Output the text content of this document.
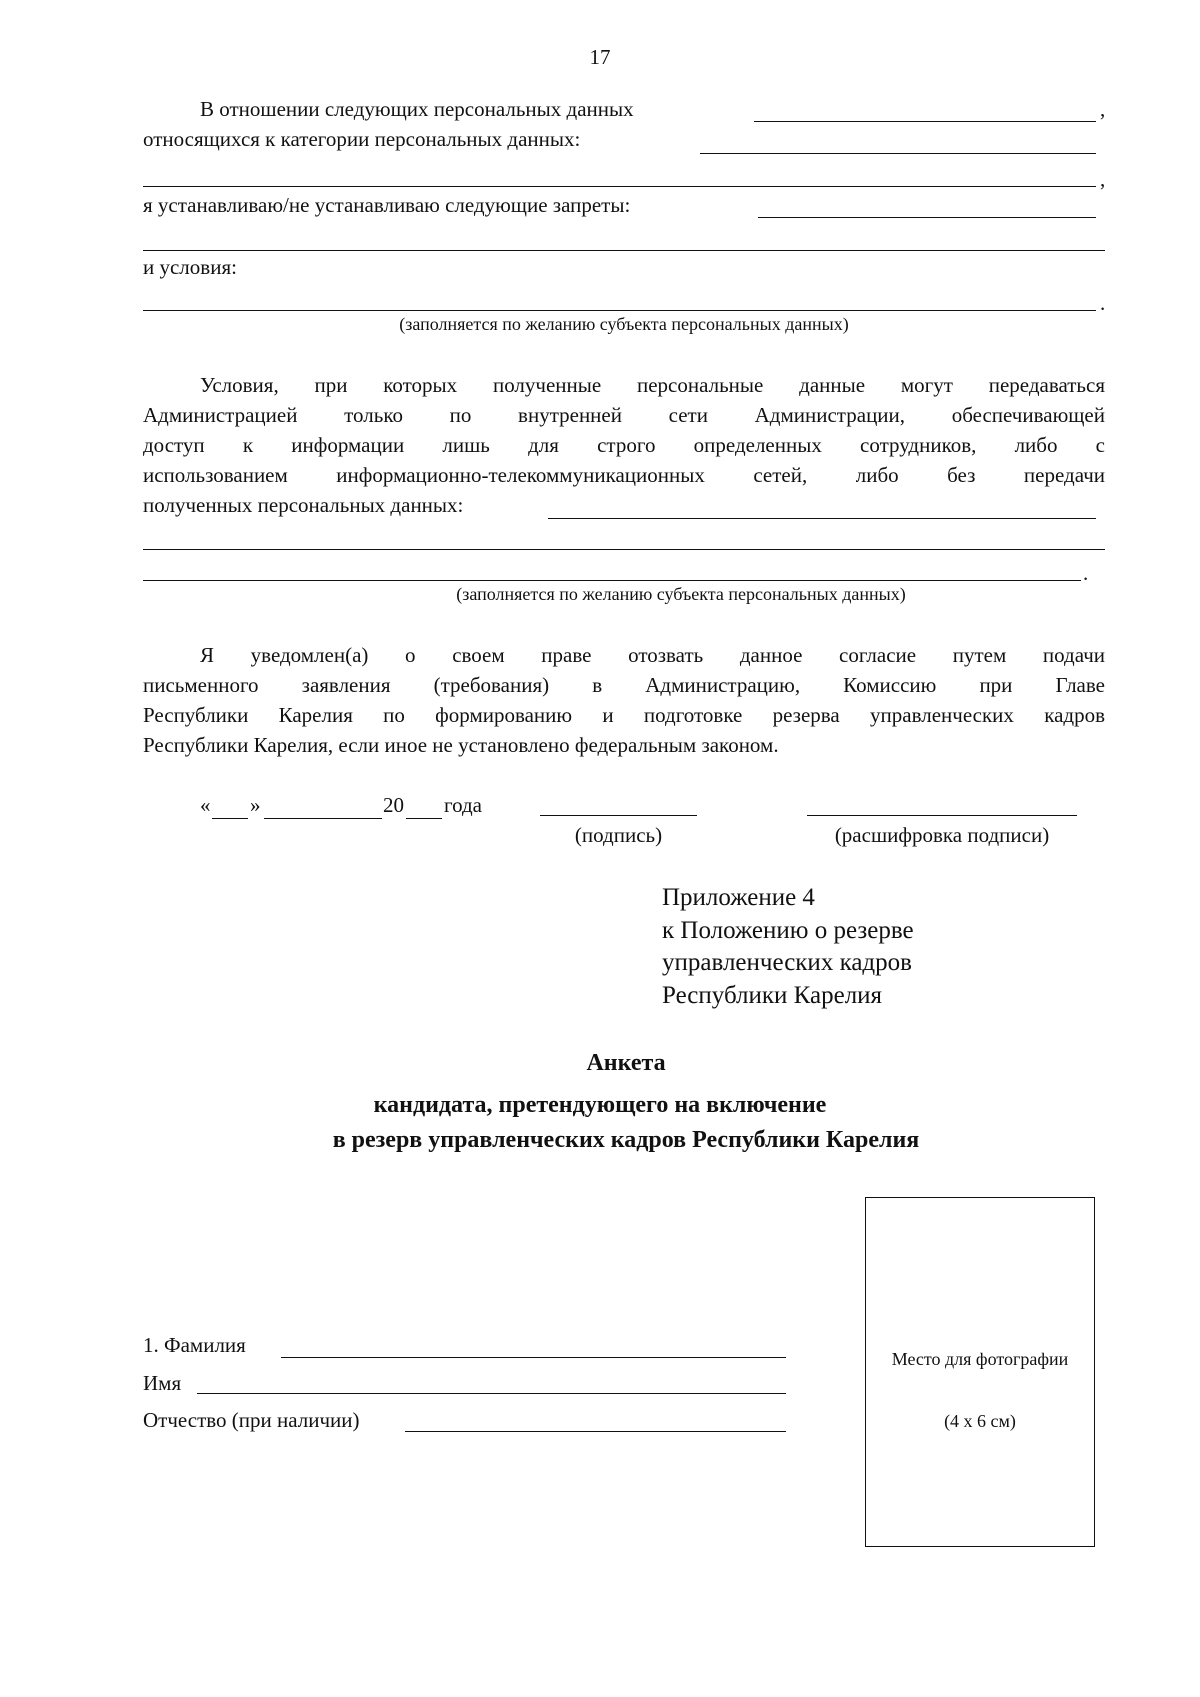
17
В отношении следующих персональных данных	,
относящихся к категории персональных данных:
,
я устанавливаю/не устанавливаю следующие запреты:
и условия:
.
(заполняется по желанию субъекта персональных данных)
Условия, при которых полученные персональные данные могут передаваться
Администрацией только по внутренней сети Администрации, обеспечивающей
доступ к информации лишь для строго определенных сотрудников, либо с
использованием информационно-телекоммуникационных сетей, либо без передачи
полученных персональных данных:
.
(заполняется по желанию субъекта персональных данных)
Я уведомлен(а) о своем праве отозвать данное согласие путем подачи
письменного заявления (требования) в Администрацию, Комиссию при Главе
Республики Карелия по формированию и подготовке резерва управленческих кадров
Республики Карелия, если иное не установлено федеральным законом.
« »	20 года
(подпись)	(расшифровка подписи)
Приложение 4
к Положению о резерве
управленческих кадров
Республики Карелия
Анкета
кандидата, претендующего на включение
в резерв управленческих кадров Республики Карелия
1. Фамилия
Имя
Отчество (при наличии)
Место для фотографии
(4 х 6 см)
